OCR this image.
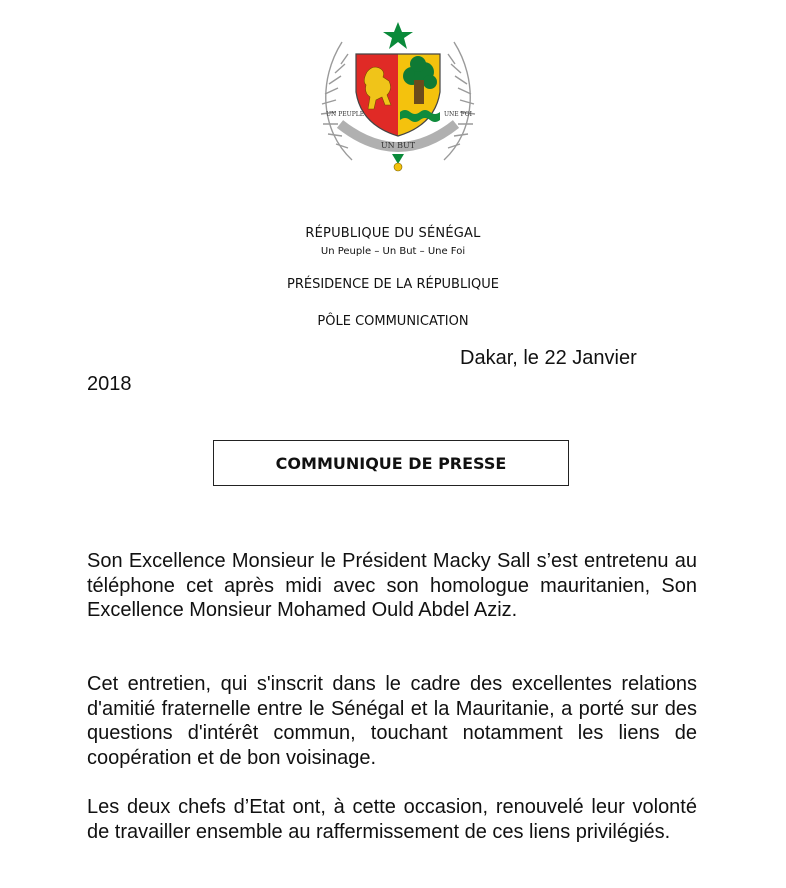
UN PEUPLE	UNE FOI
UN BUT

RÉPUBLIQUE DU SÉNÉGAL

Un Peuple – Un But – Une Foi

PRÉSIDENCE DE LA RÉPUBLIQUE

PÔLE COMMUNICATION

Dakar, le 22 Janvier

2018

COMMUNIQUE DE PRESSE

Son Excellence Monsieur le Président Macky Sall s’est entretenu au téléphone cet après midi avec son homologue mauritanien, Son Excellence Monsieur Mohamed Ould Abdel Aziz.

Cet entretien, qui s'inscrit dans le cadre des excellentes relations d'amitié fraternelle entre le Sénégal et la Mauritanie, a porté sur des questions d'intérêt commun, touchant notamment les liens de coopération et de bon voisinage.

Les deux chefs d’Etat ont, à cette occasion, renouvelé leur volonté de travailler ensemble au raffermissement de ces liens privilégiés.
